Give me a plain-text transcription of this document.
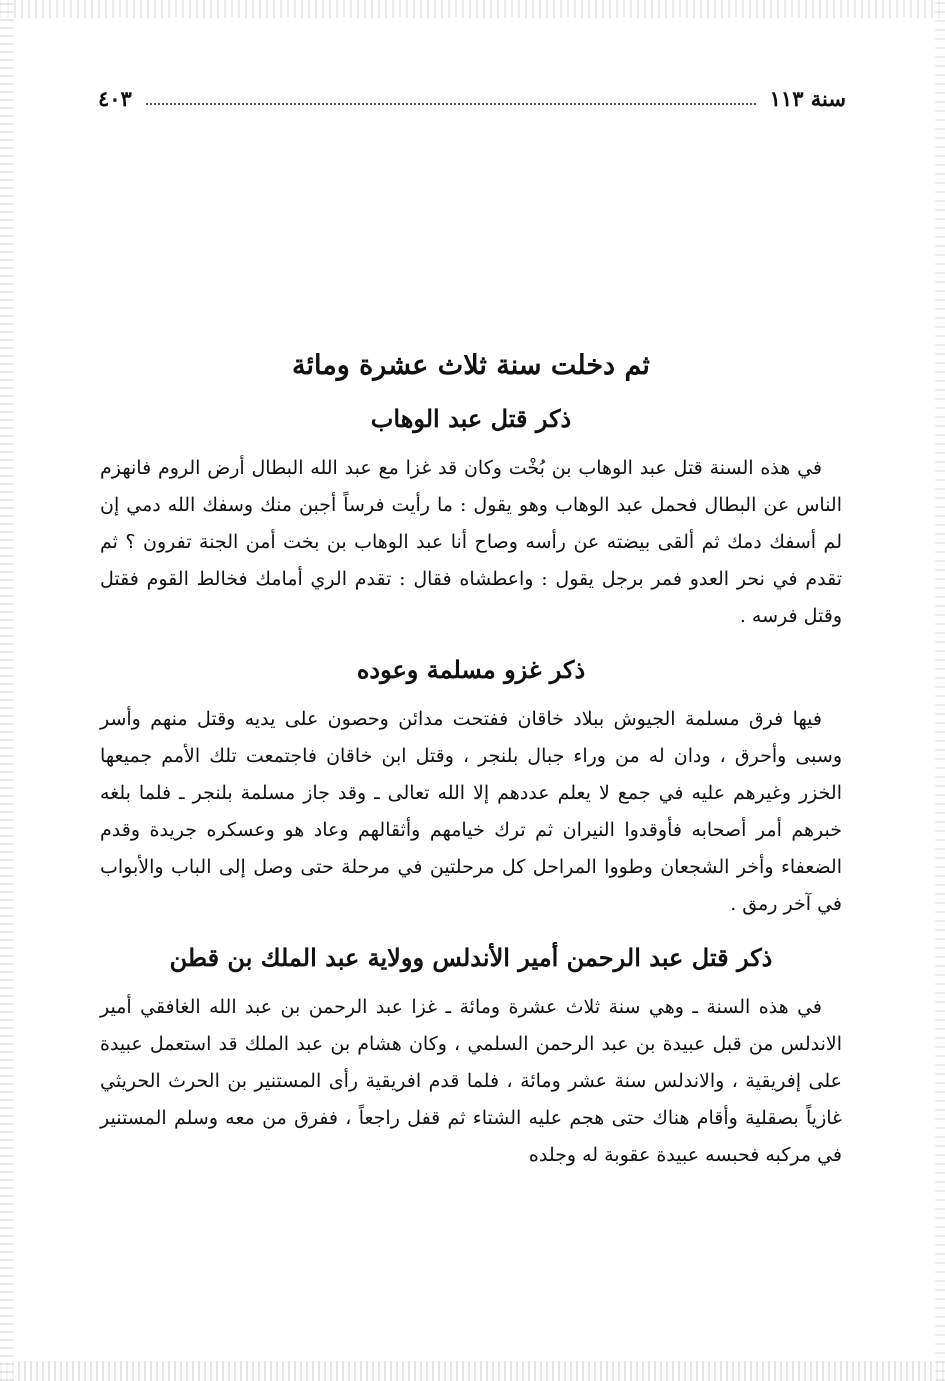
سنة ١١٣
٤٠٣
ثم دخلت سنة ثلاث عشرة ومائة
ذكر قتل عبد الوهاب

في هذه السنة قتل عبد الوهاب بن بُخْت وكان قد غزا مع عبد الله البطال أرض الروم فانهزم الناس عن البطال فحمل عبد الوهاب وهو يقول : ما رأيت فرساً أجبن منك وسفك الله دمي إن لم أسفك دمك ثم ألقى بيضته عن رأسه وصاح أنا عبد الوهاب بن بخت أمن الجنة تفرون ؟ ثم تقدم في نحر العدو فمر برجل يقول : واعطشاه فقال : تقدم الري أمامك فخالط القوم فقتل وقتل فرسه .

ذكر غزو مسلمة وعوده

فيها فرق مسلمة الجيوش ببلاد خاقان ففتحت مدائن وحصون على يديه وقتل منهم وأسر وسبى وأحرق ، ودان له من وراء جبال بلنجر ، وقتل ابن خاقان فاجتمعت تلك الأمم جميعها الخزر وغيرهم عليه في جمع لا يعلم عددهم إلا الله تعالى ـ وقد جاز مسلمة بلنجر ـ فلما بلغه خبرهم أمر أصحابه فأوقدوا النيران ثم ترك خيامهم وأثقالهم وعاد هو وعسكره جريدة وقدم الضعفاء وأخر الشجعان وطووا المراحل كل مرحلتين في مرحلة حتى وصل إلى الباب والأبواب في آخر رمق .

ذكر قتل عبد الرحمن أمير الأندلس وولاية عبد الملك بن قطن

في هذه السنة ـ وهي سنة ثلاث عشرة ومائة ـ غزا عبد الرحمن بن عبد الله الغافقي أمير الاندلس من قبل عبيدة بن عبد الرحمن السلمي ، وكان هشام بن عبد الملك قد استعمل عبيدة على إفريقية ، والاندلس سنة عشر ومائة ، فلما قدم افريقية رأى المستنير بن الحرث الحريثي غازياً بصقلية وأقام هناك حتى هجم عليه الشتاء ثم قفل راجعاً ، ففرق من معه وسلم المستنير في مركبه فحبسه عبيدة عقوبة له وجلده
